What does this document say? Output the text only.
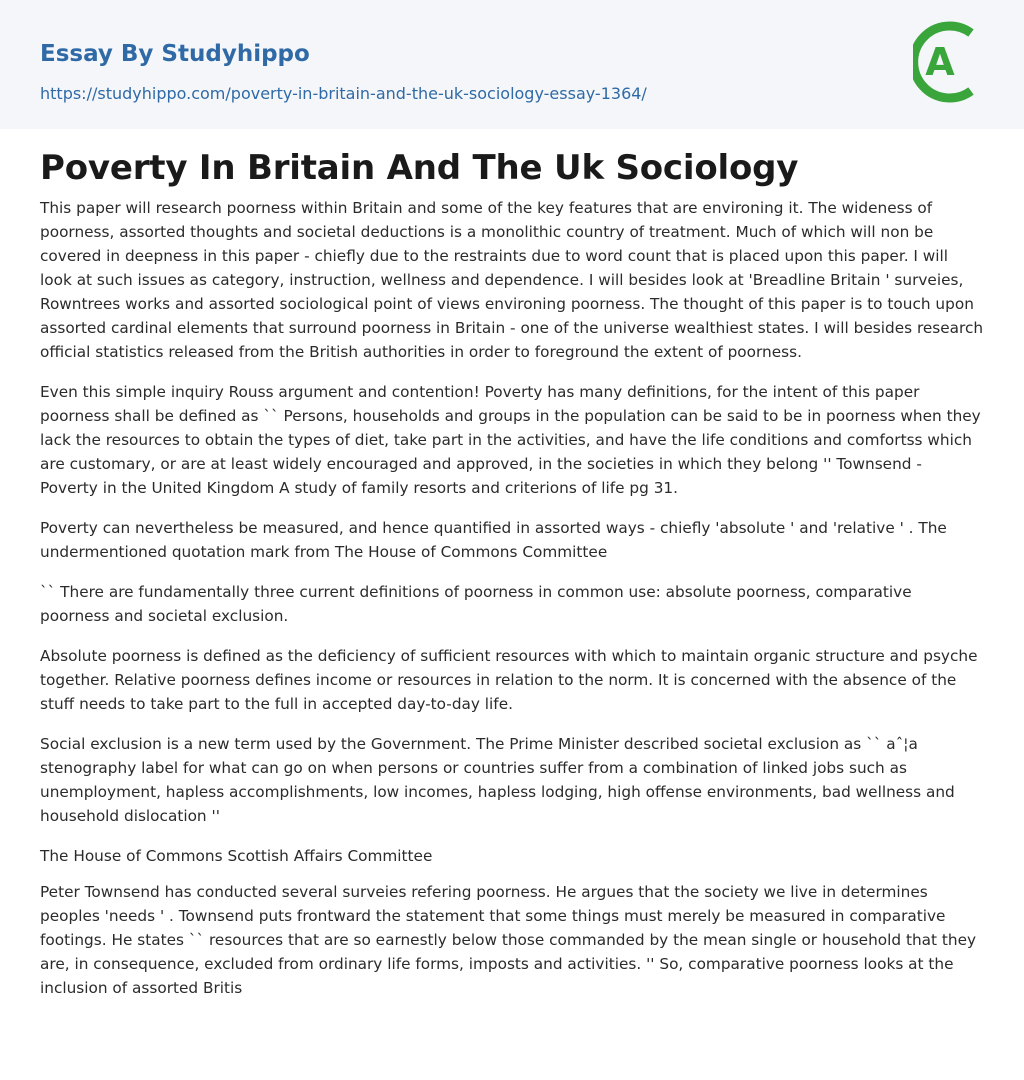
Essay By Studyhippo
https://studyhippo.com/poverty-in-britain-and-the-uk-sociology-essay-1364/
A
Poverty In Britain And The Uk Sociology

This paper will research poorness within Britain and some of the key features that are environing it. The wideness of poorness, assorted thoughts and societal deductions is a monolithic country of treatment. Much of which will non be covered in deepness in this paper - chiefly due to the restraints due to word count that is placed upon this paper. I will look at such issues as category, instruction, wellness and dependence. I will besides look at 'Breadline Britain ' surveies, Rowntrees works and assorted sociological point of views environing poorness. The thought of this paper is to touch upon assorted cardinal elements that surround poorness in Britain - one of the universe wealthiest states. I will besides research official statistics released from the British authorities in order to foreground the extent of poorness.

Even this simple inquiry Rouss argument and contention! Poverty has many definitions, for the intent of this paper poorness shall be defined as `` Persons, households and groups in the population can be said to be in poorness when they lack the resources to obtain the types of diet, take part in the activities, and have the life conditions and comfortss which are customary, or are at least widely encouraged and approved, in the societies in which they belong '' Townsend - Poverty in the United Kingdom A study of family resorts and criterions of life pg 31.

Poverty can nevertheless be measured, and hence quantified in assorted ways - chiefly 'absolute ' and 'relative ' . The undermentioned quotation mark from The House of Commons Committee

`` There are fundamentally three current definitions of poorness in common use: absolute poorness, comparative poorness and societal exclusion.

Absolute poorness is defined as the deficiency of sufficient resources with which to maintain organic structure and psyche together. Relative poorness defines income or resources in relation to the norm. It is concerned with the absence of the stuff needs to take part to the full in accepted day-to-day life.

Social exclusion is a new term used by the Government. The Prime Minister described societal exclusion as `` aˆ¦a stenography label for what can go on when persons or countries suffer from a combination of linked jobs such as unemployment, hapless accomplishments, low incomes, hapless lodging, high offense environments, bad wellness and household dislocation ''

The House of Commons Scottish Affairs Committee

Peter Townsend has conducted several surveies refering poorness. He argues that the society we live in determines peoples 'needs ' . Townsend puts frontward the statement that some things must merely be measured in comparative footings. He states `` resources that are so earnestly below those commanded by the mean single or household that they are, in consequence, excluded from ordinary life forms, imposts and activities. '' So, comparative poorness looks at the inclusion of assorted Britis
